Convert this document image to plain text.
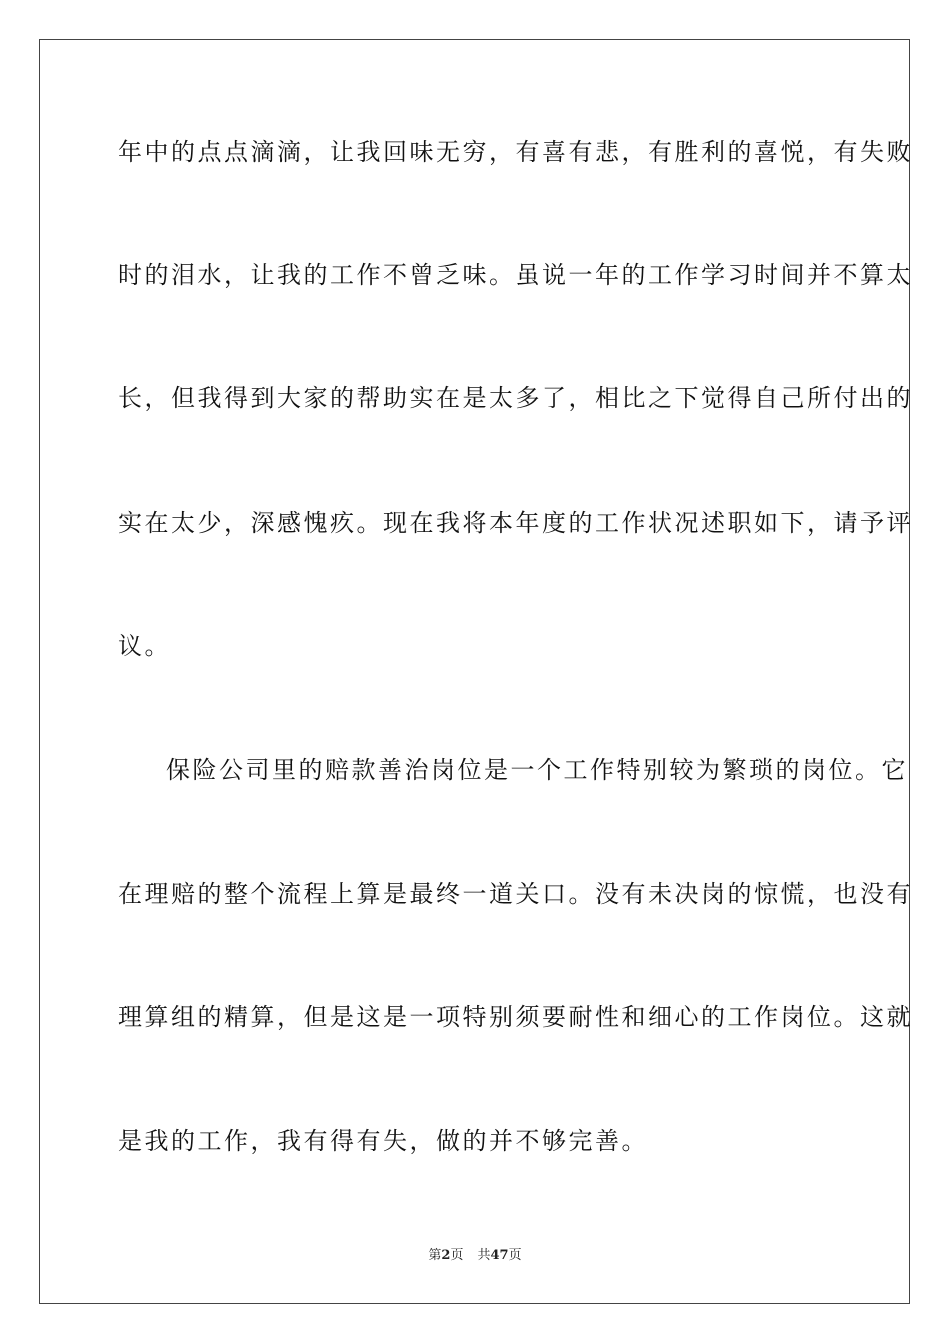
年中的点点滴滴，让我回味无穷，有喜有悲，有胜利的喜悦，有失败
时的泪水，让我的工作不曾乏味。虽说一年的工作学习时间并不算太
长，但我得到大家的帮助实在是太多了，相比之下觉得自己所付出的
实在太少，深感愧疚。现在我将本年度的工作状况述职如下，请予评
议。
保险公司里的赔款善治岗位是一个工作特别较为繁琐的岗位。它
在理赔的整个流程上算是最终一道关口。没有未决岗的惊慌，也没有
理算组的精算，但是这是一项特别须要耐性和细心的工作岗位。这就
是我的工作，我有得有失，做的并不够完善。
第2页 共47页
